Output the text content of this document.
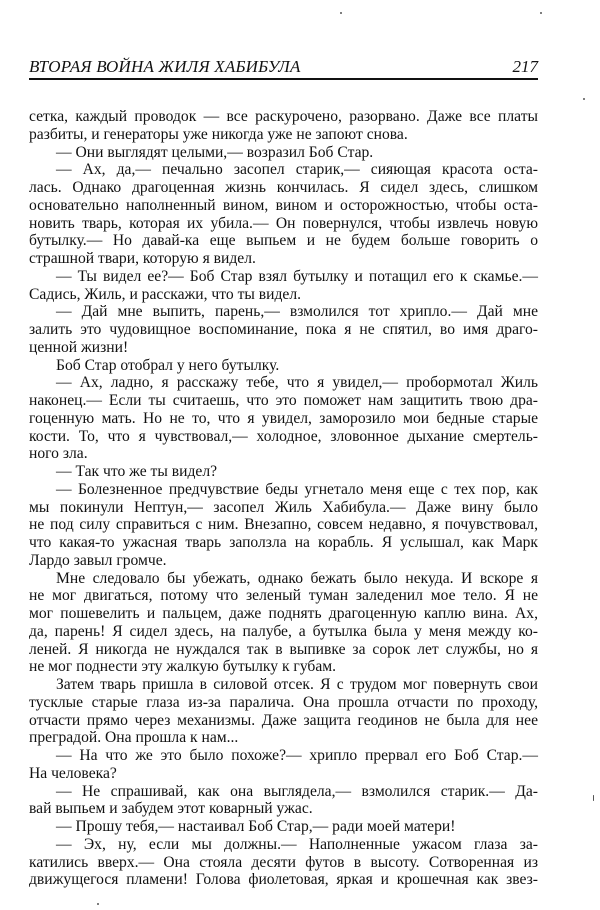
ВТОРАЯ ВОЙНА ЖИЛЯ ХАБИБУЛА	217
сетка, каждый проводок — все раскурочено, разорвано. Даже все платы
разбиты, и генераторы уже никогда уже не запоют снова.
— Они выглядят целыми,— возразил Боб Стар.
— Ах, да,— печально засопел старик,— сияющая красота оста-
лась. Однако драгоценная жизнь кончилась. Я сидел здесь, слишком
основательно наполненный вином, вином и осторожностью, чтобы оста-
новить тварь, которая их убила.— Он повернулся, чтобы извлечь новую
бутылку.— Но давай-ка еще выпьем и не будем больше говорить о
страшной твари, которую я видел.
— Ты видел ее?— Боб Стар взял бутылку и потащил его к скамье.—
Садись, Жиль, и расскажи, что ты видел.
— Дай мне выпить, парень,— взмолился тот хрипло.— Дай мне
залить это чудовищное воспоминание, пока я не спятил, во имя драго-
ценной жизни!
Боб Стар отобрал у него бутылку.
— Ах, ладно, я расскажу тебе, что я увидел,— пробормотал Жиль
наконец.— Если ты считаешь, что это поможет нам защитить твою дра-
гоценную мать. Но не то, что я увидел, заморозило мои бедные старые
кости. То, что я чувствовал,— холодное, зловонное дыхание смертель-
ного зла.
— Так что же ты видел?
— Болезненное предчувствие беды угнетало меня еще с тех пор, как
мы покинули Нептун,— засопел Жиль Хабибула.— Даже вину было
не под силу справиться с ним. Внезапно, совсем недавно, я почувствовал,
что какая-то ужасная тварь заползла на корабль. Я услышал, как Марк
Лардо завыл громче.
Мне следовало бы убежать, однако бежать было некуда. И вскоре я
не мог двигаться, потому что зеленый туман заледенил мое тело. Я не
мог пошевелить и пальцем, даже поднять драгоценную каплю вина. Ах,
да, парень! Я сидел здесь, на палубе, а бутылка была у меня между ко-
леней. Я никогда не нуждался так в выпивке за сорок лет службы, но я
не мог поднести эту жалкую бутылку к губам.
Затем тварь пришла в силовой отсек. Я с трудом мог повернуть свои
тусклые старые глаза из-за паралича. Она прошла отчасти по проходу,
отчасти прямо через механизмы. Даже защита геодинов не была для нее
преградой. Она прошла к нам...
— На что же это было похоже?— хрипло прервал его Боб Стар.—
На человека?
— Не спрашивай, как она выглядела,— взмолился старик.— Да-
вай выпьем и забудем этот коварный ужас.
— Прошу тебя,— настаивал Боб Стар,— ради моей матери!
— Эх, ну, если мы должны.— Наполненные ужасом глаза за-
катились вверх.— Она стояла десяти футов в высоту. Сотворенная из
движущегося пламени! Голова фиолетовая, яркая и крошечная как звез-
